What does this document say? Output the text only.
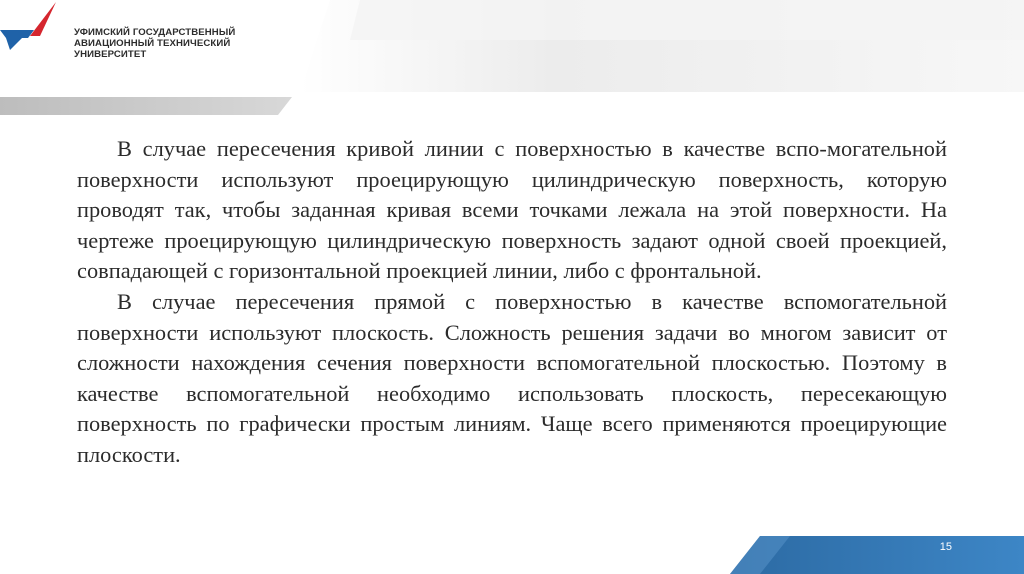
УФИМСКИЙ ГОСУДАРСТВЕННЫЙ
АВИАЦИОННЫЙ ТЕХНИЧЕСКИЙ
УНИВЕРСИТЕТ

В случае пересечения кривой линии с поверхностью в качестве вспо-могательной поверхности используют проецирующую цилиндрическую поверхность, которую проводят так, чтобы заданная кривая всеми точками лежала на этой поверхности. На чертеже проецирующую цилиндрическую поверхность задают одной своей проекцией, совпадающей с горизонтальной проекцией линии, либо с фронтальной.

В случае пересечения прямой с поверхностью в качестве вспомогательной поверхности используют плоскость. Сложность решения задачи во многом зависит от сложности нахождения сечения поверхности вспомогательной плоскостью. Поэтому в качестве вспомогательной необходимо использовать плоскость, пересекающую поверхность по графически простым линиям. Чаще всего применяются проецирующие плоскости.

15
